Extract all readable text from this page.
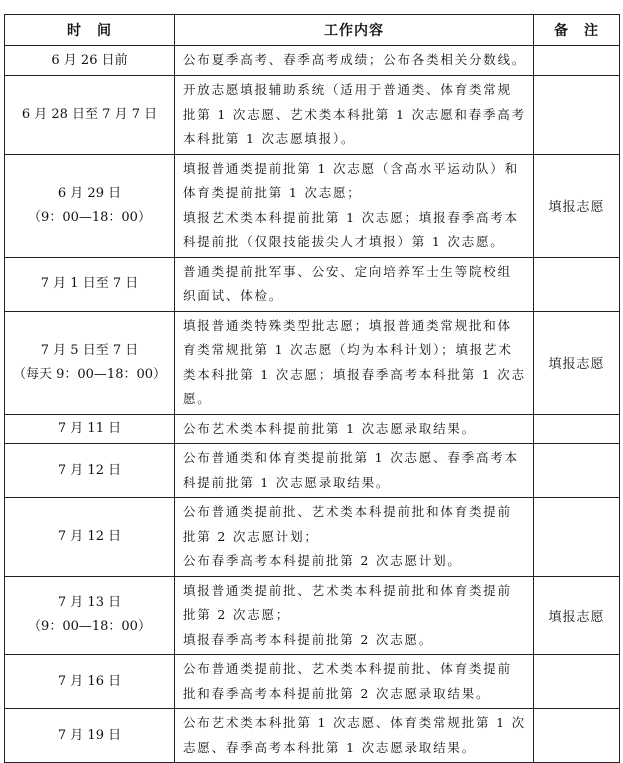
时　间	工作内容	备　注

6 月 26 日前	公布夏季高考、春季高考成绩；公布各类相关分数线。	

6 月 28 日至 7 月 7 日	开放志愿填报辅助系统（适用于普通类、体育类常规
批第 1 次志愿、艺术类本科批第 1 次志愿和春季高考
本科批第 1 次志愿填报）。	

6 月 29 日
（9：00—18：00）	填报普通类提前批第 1 次志愿（含高水平运动队）和
体育类提前批第 1 次志愿；
填报艺术类本科提前批第 1 次志愿；填报春季高考本
科提前批（仅限技能拔尖人才填报）第 1 次志愿。	填报志愿

7 月 1 日至 7 日	普通类提前批军事、公安、定向培养军士生等院校组
织面试、体检。	

7 月 5 日至 7 日
（每天 9：00—18：00）	填报普通类特殊类型批志愿；填报普通类常规批和体
育类常规批第 1 次志愿（均为本科计划）；填报艺术
类本科批第 1 次志愿；填报春季高考本科批第 1 次志
愿。	填报志愿

7 月 11 日	公布艺术类本科提前批第 1 次志愿录取结果。	

7 月 12 日	公布普通类和体育类提前批第 1 次志愿、春季高考本
科提前批第 1 次志愿录取结果。	

7 月 12 日	公布普通类提前批、艺术类本科提前批和体育类提前
批第 2 次志愿计划；
公布春季高考本科提前批第 2 次志愿计划。	

7 月 13 日
（9：00—18：00）	填报普通类提前批、艺术类本科提前批和体育类提前
批第 2 次志愿；
填报春季高考本科提前批第 2 次志愿。	填报志愿

7 月 16 日	公布普通类提前批、艺术类本科提前批、体育类提前
批和春季高考本科提前批第 2 次志愿录取结果。	

7 月 19 日	公布艺术类本科批第 1 次志愿、体育类常规批第 1 次
志愿、春季高考本科批第 1 次志愿录取结果。	
